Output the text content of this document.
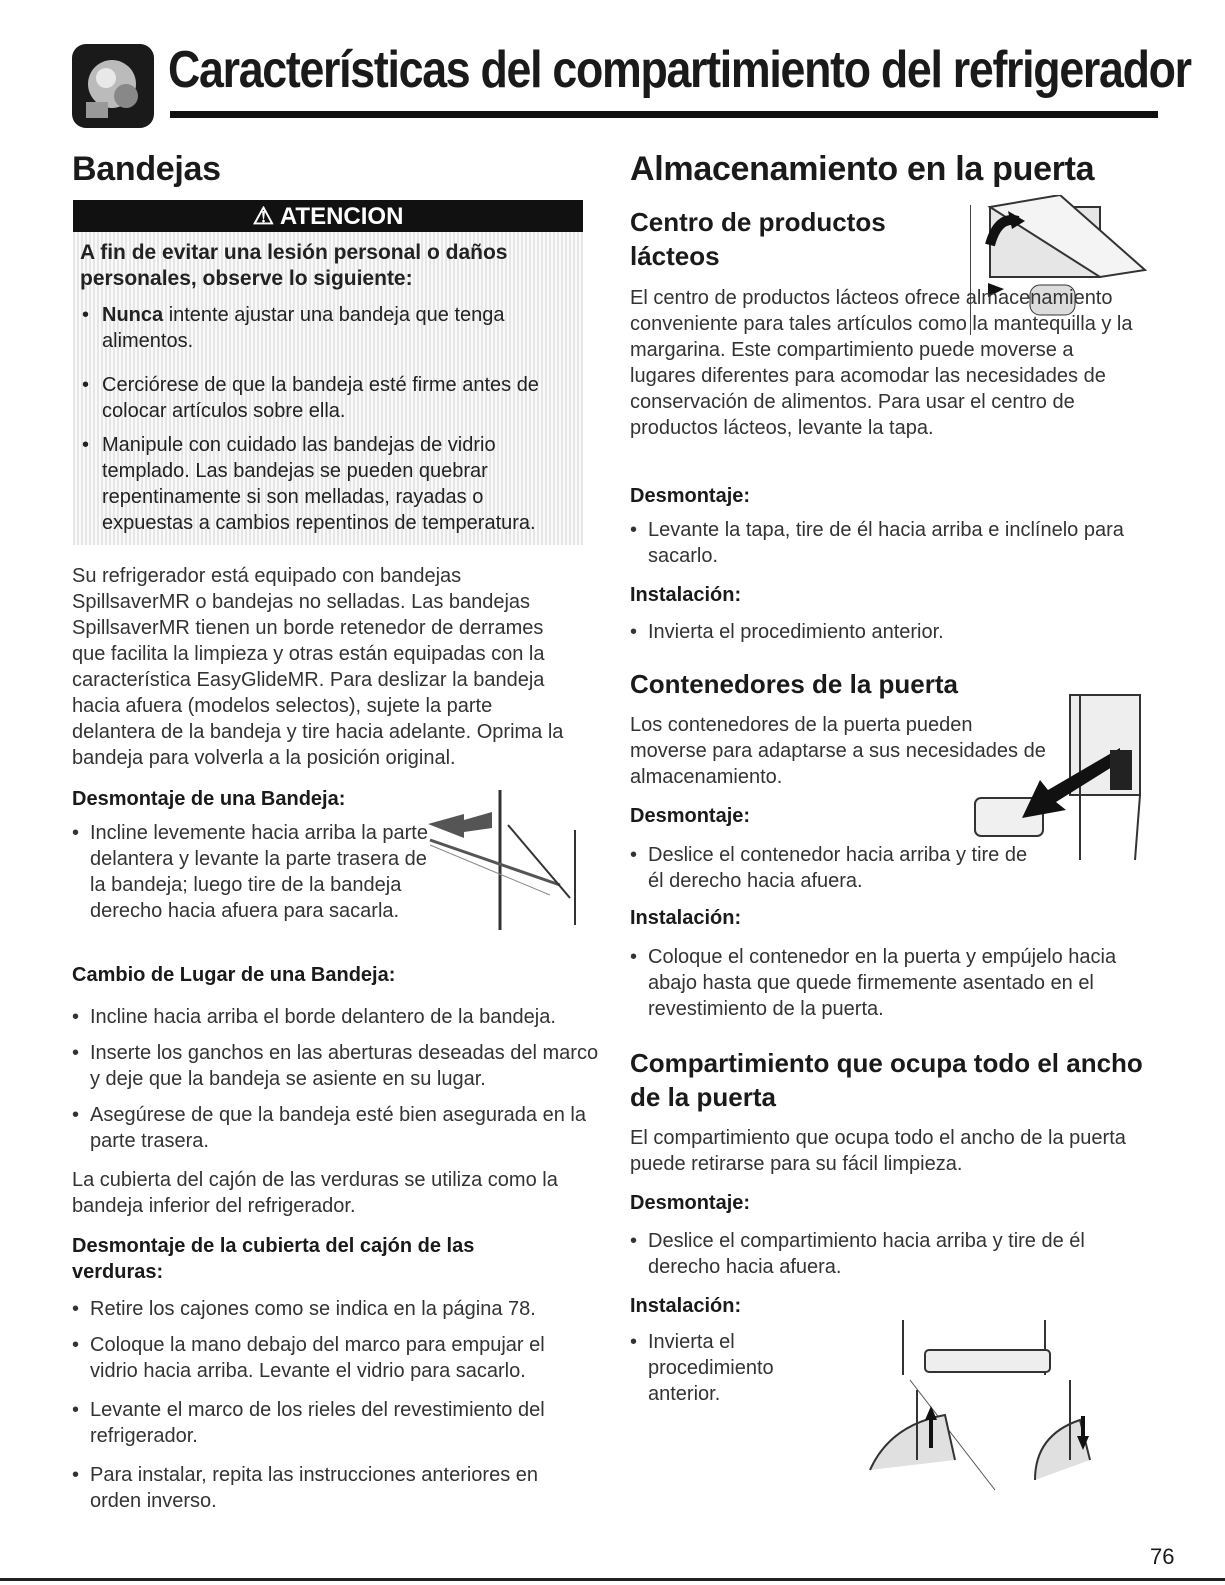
Características del compartimiento del refrigerador
Bandejas
⚠ ATENCION
A fin de evitar una lesión personal o daños personales, observe lo siguiente:
• Nunca intente ajustar una bandeja que tenga alimentos.
• Cerciórese de que la bandeja esté firme antes de colocar artículos sobre ella.
• Manipule con cuidado las bandejas de vidrio templado. Las bandejas se pueden quebrar repentinamente si son melladas, rayadas o expuestas a cambios repentinos de temperatura.
Su refrigerador está equipado con bandejas SpillsaverMR o bandejas no selladas. Las bandejas SpillsaverMR tienen un borde retenedor de derrames que facilita la limpieza y otras están equipadas con la característica EasyGlideMR. Para deslizar la bandeja hacia afuera (modelos selectos), sujete la parte delantera de la bandeja y tire hacia adelante. Oprima la bandeja para volverla a la posición original.
Desmontaje de una Bandeja:
• Incline levemente hacia arriba la parte delantera y levante la parte trasera de la bandeja; luego tire de la bandeja derecho hacia afuera para sacarla.
Cambio de Lugar de una Bandeja:
• Incline hacia arriba el borde delantero de la bandeja.
• Inserte los ganchos en las aberturas deseadas del marco y deje que la bandeja se asiente en su lugar.
• Asegúrese de que la bandeja esté bien asegurada en la parte trasera.
La cubierta del cajón de las verduras se utiliza como la bandeja inferior del refrigerador.
Desmontaje de la cubierta del cajón de las verduras:
• Retire los cajones como se indica en la página 78.
• Coloque la mano debajo del marco para empujar el vidrio hacia arriba. Levante el vidrio para sacarlo.
• Levante el marco de los rieles del revestimiento del refrigerador.
• Para instalar, repita las instrucciones anteriores en orden inverso.
Almacenamiento en la puerta
Centro de productos lácteos
El centro de productos lácteos ofrece almacenamiento conveniente para tales artículos como la mantequilla y la margarina. Este compartimiento puede moverse a lugares diferentes para acomodar las necesidades de conservación de alimentos. Para usar el centro de productos lácteos, levante la tapa.
Desmontaje:
• Levante la tapa, tire de él hacia arriba e inclínelo para sacarlo.
Instalación:
• Invierta el procedimiento anterior.
Contenedores de la puerta
Los contenedores de la puerta pueden moverse para adaptarse a sus necesidades de almacenamiento.
Desmontaje:
• Deslice el contenedor hacia arriba y tire de él derecho hacia afuera.
Instalación:
• Coloque el contenedor en la puerta y empújelo hacia abajo hasta que quede firmemente asentado en el revestimiento de la puerta.
Compartimiento que ocupa todo el ancho de la puerta
El compartimiento que ocupa todo el ancho de la puerta puede retirarse para su fácil limpieza.
Desmontaje:
• Deslice el compartimiento hacia arriba y tire de él derecho hacia afuera.
Instalación:
• Invierta el procedimiento anterior.
76
